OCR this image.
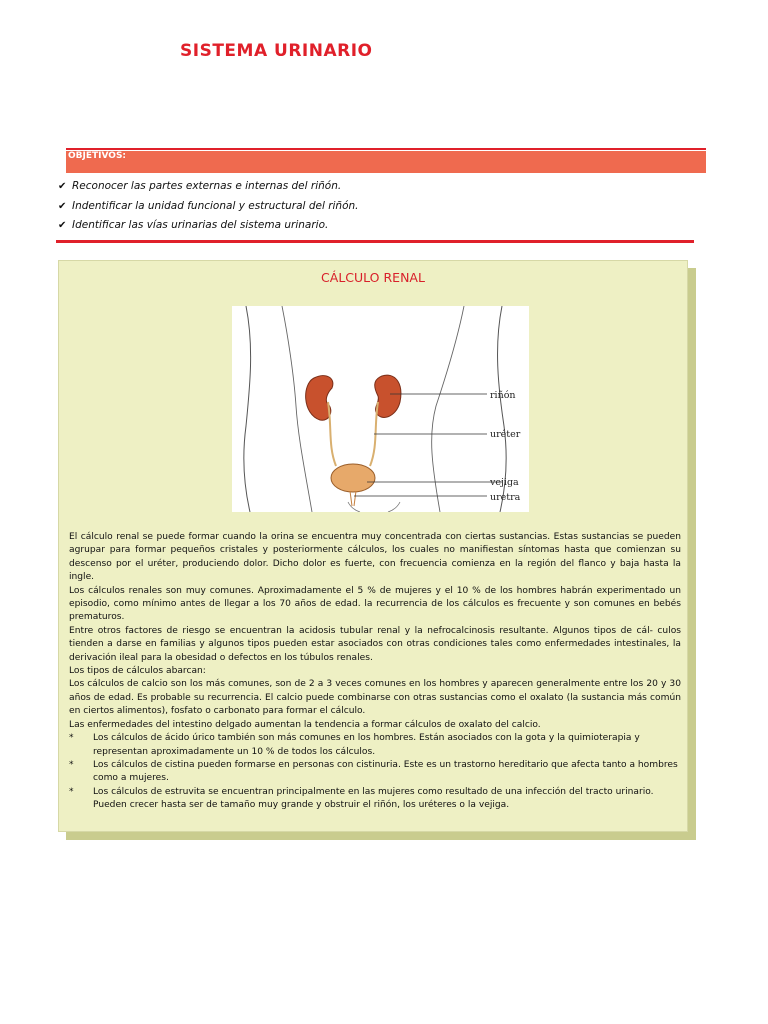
SISTEMA URINARIO
OBJETIVOS:
✔ Reconocer las partes externas e internas del riñón.
✔ Indentificar la unidad funcional y estructural del riñón.
✔ Identificar las vías urinarias del sistema urinario.
CÁLCULO RENAL
riñón
uréter
vejiga
uretra

El cálculo renal se puede formar cuando la orina se encuentra muy concentrada con ciertas sustancias. Estas sustancias se pueden agrupar para formar pequeños cristales y posteriormente cálculos, los cuales no manifiestan síntomas hasta que comienzan su descenso por el uréter, produciendo dolor. Dicho dolor es fuerte, con frecuencia comienza en la región del flanco y baja hasta la ingle.

Los cálculos renales son muy comunes. Aproximadamente el 5 % de mujeres y el 10 % de los hombres habrán experimentado un episodio, como mínimo antes de llegar a los 70 años de edad. la recurrencia de los cálculos es frecuente y son comunes en bebés prematuros.

Entre otros factores de riesgo se encuentran la acidosis tubular renal y la nefrocalcinosis resultante. Algunos tipos de cál- culos tienden a darse en familias y algunos tipos pueden estar asociados con otras condiciones tales como enfermedades intestinales, la derivación ileal para la obesidad o defectos en los túbulos renales.

Los tipos de cálculos abarcan:

Los cálculos de calcio son los más comunes, son de 2 a 3 veces comunes en los hombres y aparecen generalmente entre los 20 y 30 años de edad. Es probable su recurrencia. El calcio puede combinarse con otras sustancias como el oxalato (la sustancia más común en ciertos alimentos), fosfato o carbonato para formar el cálculo.

Las enfermedades del intestino delgado aumentan la tendencia a formar cálculos de oxalato del calcio.

*	Los cálculos de ácido úrico también son más comunes en los hombres. Están asociados con la gota y la quimioterapia y representan aproximadamente un 10 % de todos los cálculos.
*	Los cálculos de cistina pueden formarse en personas con cistinuria. Este es un trastorno hereditario que afecta tanto a hombres como a mujeres.
*	Los cálculos de estruvita se encuentran principalmente en las mujeres como resultado de una infección del tracto urinario. Pueden crecer hasta ser de tamaño muy grande y obstruir el riñón, los uréteres o la vejiga.
